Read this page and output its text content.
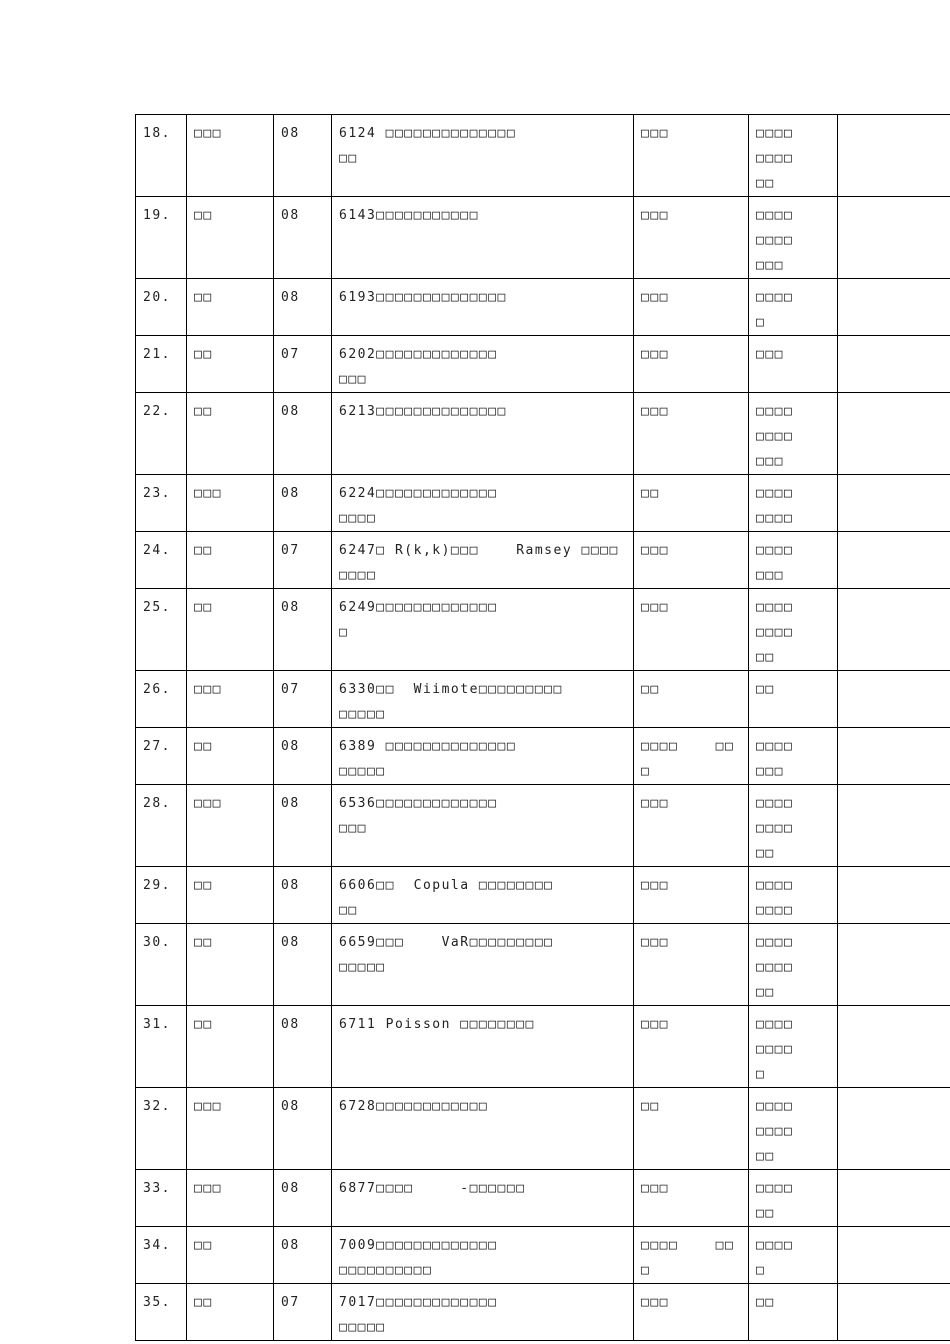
18.	□□□	08	6124 □□□□□□□□□□□□□□
□□	□□□	□□□□
□□□□
□□	
19.	□□	08	6143□□□□□□□□□□□	□□□	□□□□
□□□□
□□□	
20.	□□	08	6193□□□□□□□□□□□□□□	□□□	□□□□
□	
21.	□□	07	6202□□□□□□□□□□□□□
□□□	□□□	□□□	
22.	□□	08	6213□□□□□□□□□□□□□□	□□□	□□□□
□□□□
□□□	
23.	□□□	08	6224□□□□□□□□□□□□□
□□□□	□□	□□□□
□□□□	
24.	□□	07	6247□ R(k,k)□□□    Ramsey □□□□
□□□□	□□□	□□□□
□□□	
25.	□□	08	6249□□□□□□□□□□□□□
□	□□□	□□□□
□□□□
□□	
26.	□□□	07	6330□□  Wiimote□□□□□□□□□
□□□□□	□□	□□	
27.	□□	08	6389 □□□□□□□□□□□□□□
□□□□□	□□□□    □□
□	□□□□
□□□	
28.	□□□	08	6536□□□□□□□□□□□□□
□□□	□□□	□□□□
□□□□
□□	
29.	□□	08	6606□□  Copula □□□□□□□□
□□	□□□	□□□□
□□□□	
30.	□□	08	6659□□□    VaR□□□□□□□□□
□□□□□	□□□	□□□□
□□□□
□□	
31.	□□	08	6711 Poisson □□□□□□□□	□□□	□□□□
□□□□
□	
32.	□□□	08	6728□□□□□□□□□□□□	□□	□□□□
□□□□
□□	
33.	□□□	08	6877□□□□     -□□□□□□	□□□	□□□□
□□	
34.	□□	08	7009□□□□□□□□□□□□□
□□□□□□□□□□	□□□□    □□
□	□□□□
□	
35.	□□	07	7017□□□□□□□□□□□□□
□□□□□	□□□	□□	
